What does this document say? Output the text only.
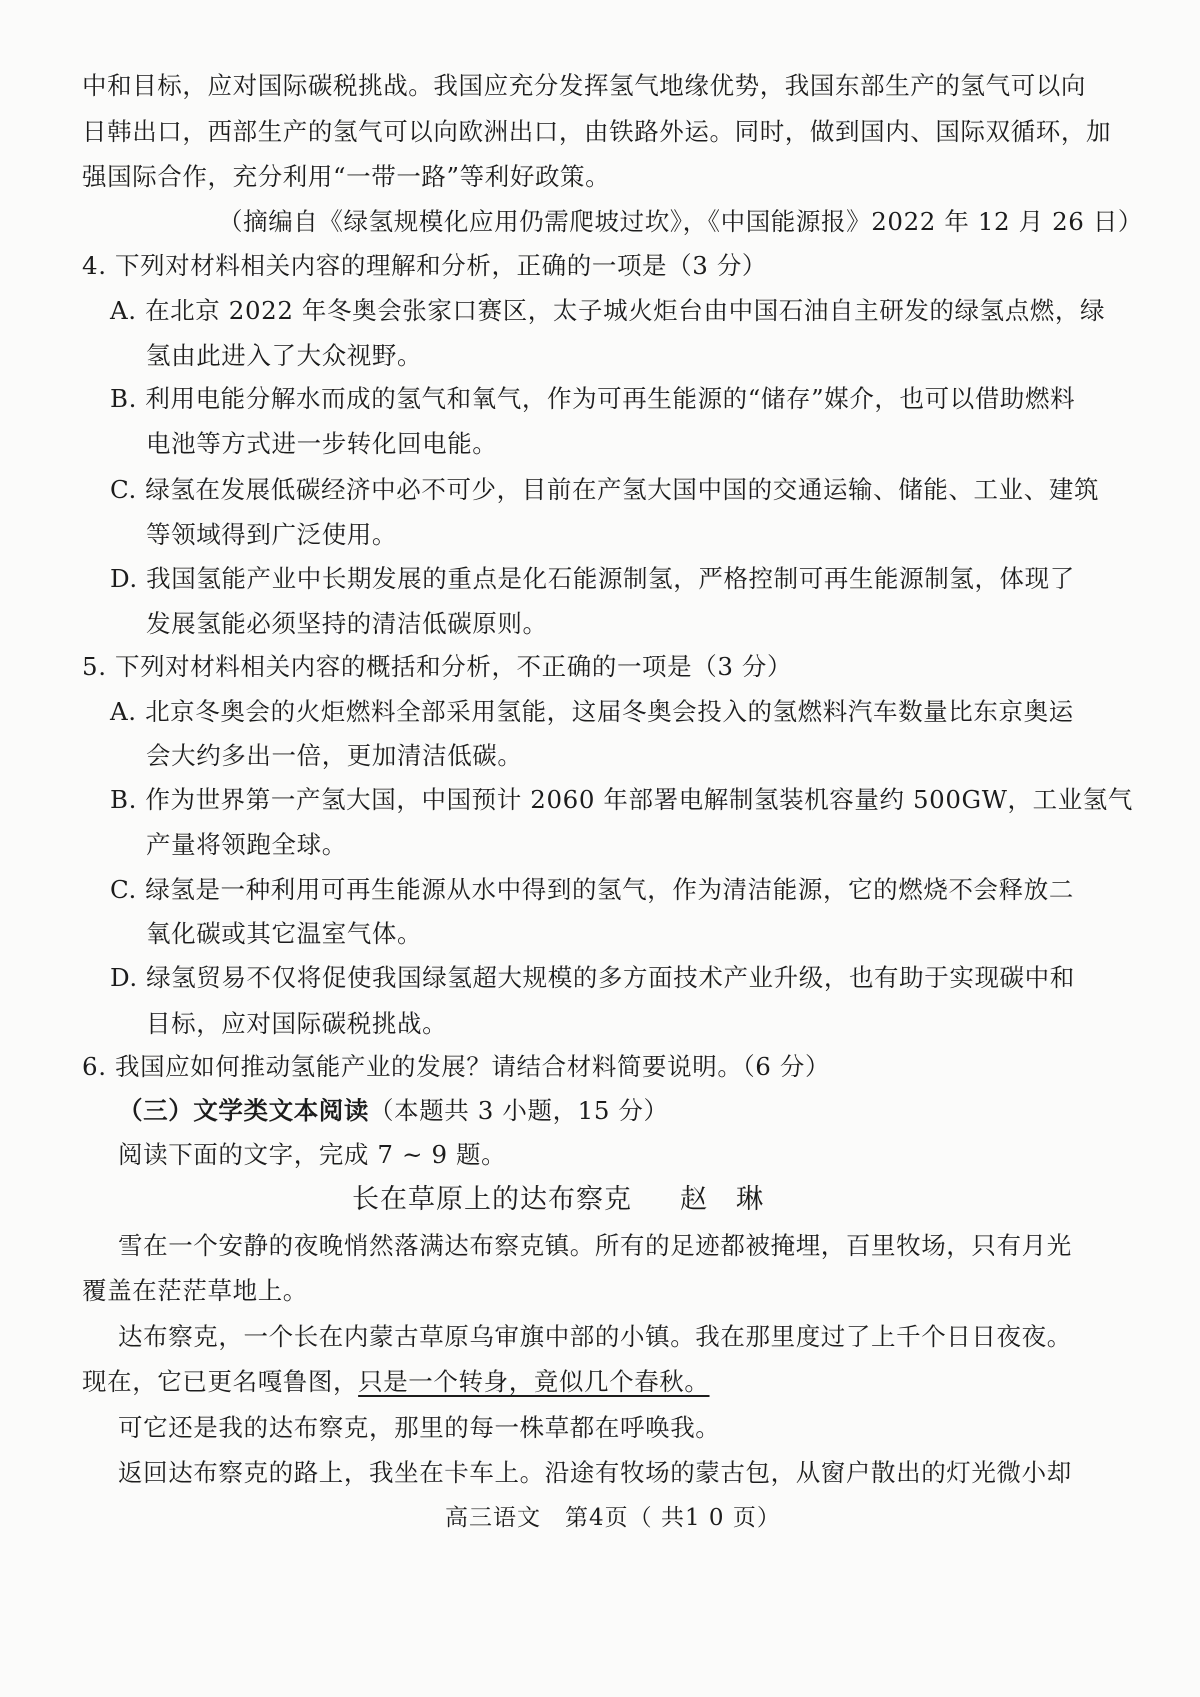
中和目标，应对国际碳税挑战。我国应充分发挥氢气地缘优势，我国东部生产的氢气可以向
日韩出口，西部生产的氢气可以向欧洲出口，由铁路外运。同时，做到国内、国际双循环，加
强国际合作，充分利用“一带一路”等利好政策。
（摘编自《绿氢规模化应用仍需爬坡过坎》，《中国能源报》2022 年 12 月 26 日）
4. 下列对材料相关内容的理解和分析，正确的一项是（3 分）
A. 在北京 2022 年冬奥会张家口赛区，太子城火炬台由中国石油自主研发的绿氢点燃，绿
氢由此进入了大众视野。
B. 利用电能分解水而成的氢气和氧气，作为可再生能源的“储存”媒介，也可以借助燃料
电池等方式进一步转化回电能。
C. 绿氢在发展低碳经济中必不可少，目前在产氢大国中国的交通运输、储能、工业、建筑
等领域得到广泛使用。
D. 我国氢能产业中长期发展的重点是化石能源制氢，严格控制可再生能源制氢，体现了
发展氢能必须坚持的清洁低碳原则。
5. 下列对材料相关内容的概括和分析，不正确的一项是（3 分）
A. 北京冬奥会的火炬燃料全部采用氢能，这届冬奥会投入的氢燃料汽车数量比东京奥运
会大约多出一倍，更加清洁低碳。
B. 作为世界第一产氢大国，中国预计 2060 年部署电解制氢装机容量约 500GW，工业氢气
产量将领跑全球。
C. 绿氢是一种利用可再生能源从水中得到的氢气，作为清洁能源，它的燃烧不会释放二
氧化碳或其它温室气体。
D. 绿氢贸易不仅将促使我国绿氢超大规模的多方面技术产业升级，也有助于实现碳中和
目标，应对国际碳税挑战。
6. 我国应如何推动氢能产业的发展？请结合材料简要说明。（6 分）
（三）文学类文本阅读（本题共 3 小题，15 分）
阅读下面的文字，完成 7 ~ 9 题。
长在草原上的达布察克 赵　琳
雪在一个安静的夜晚悄然落满达布察克镇。所有的足迹都被掩埋，百里牧场，只有月光
覆盖在茫茫草地上。
达布察克，一个长在内蒙古草原乌审旗中部的小镇。我在那里度过了上千个日日夜夜。
现在，它已更名嘎鲁图，只是一个转身，竟似几个春秋。
可它还是我的达布察克，那里的每一株草都在呼唤我。
返回达布察克的路上，我坐在卡车上。沿途有牧场的蒙古包，从窗户散出的灯光微小却
高三语文　第4页（ 共1 0 页）
